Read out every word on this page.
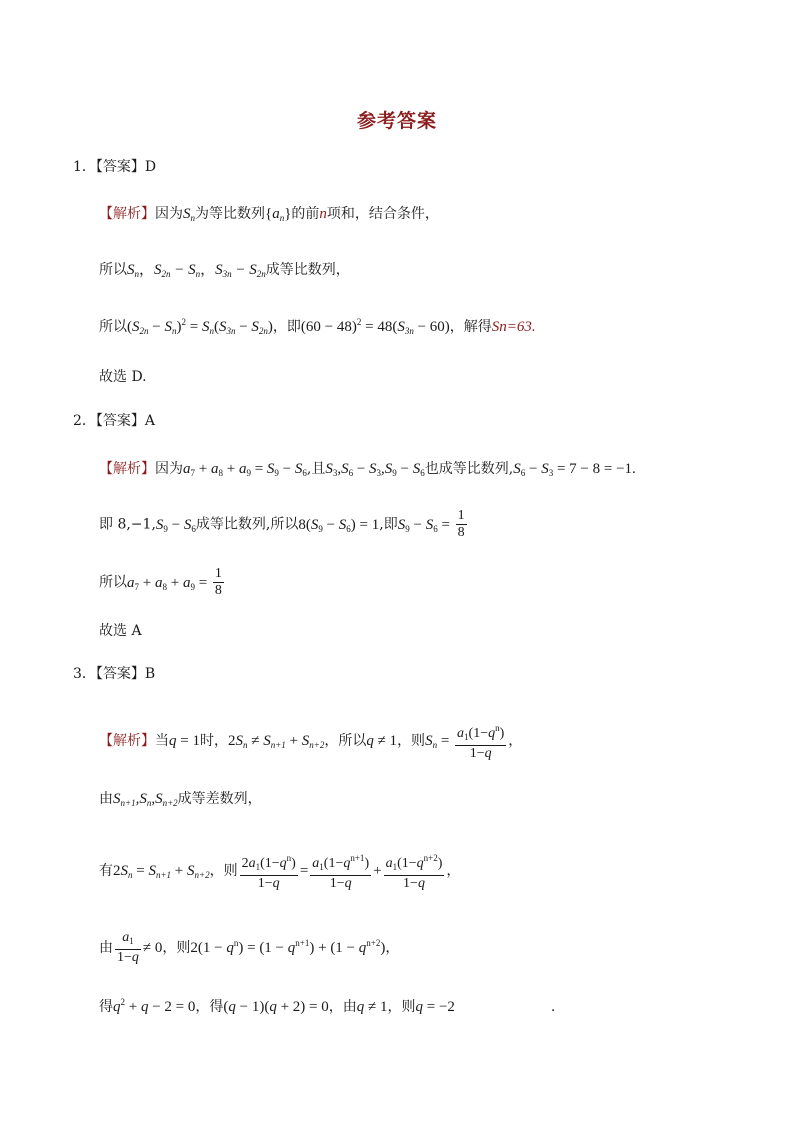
参考答案
1．【答案】D
【解析】因为$S_n$为等比数列$\{a_n\}$的前n项和，结合条件，
所以$S_n$，$S_{2n} - S_n$，$S_{3n} - S_{2n}$成等比数列，
所以$(S_{2n} - S_n)^2 = S_n(S_{3n} - S_{2n})$，即$(60 - 48)^2 = 48(S_{3n} - 60)$，解得Sn=63.
故选 D.
2．【答案】A
【解析】因为$a_7 + a_8 + a_9 = S_9 - S_6$,且$S_3,S_6 - S_3,S_9 - S_6$也成等比数列$,S_6 - S_3 = 7 - 8 = -1$.
即 $8,-1,S_9 - S_6$成等比数列,所以$8(S_9 - S_6) = 1$,即$S_9 - S_6 = \frac{1}{8}$
所以$a_7 + a_8 + a_9 = \frac{1}{8}$
故选 A
3．【答案】B
【解析】当q = 1时，$2S_n \ne S_{n+1} + S_{n+2}$，所以q ≠ 1，则$S_n = \frac{a_1(1-q^n)}{1-q}$ ，
由$S_{n+1},S_n,S_{n+2}$成等差数列，
有$2S_n = S_{n+1} + S_{n+2}$，则 $\frac{2a_1(1-q^n)}{1-q} = \frac{a_1(1-q^{n+1})}{1-q} + \frac{a_1(1-q^{n+2})}{1-q}$ ，
由 $\frac{a_1}{1-q} \ne 0$，则$2(1 - q^n) = (1 - q^{n+1}) + (1 - q^{n+2})$，
得$q^2 + q - 2 = 0$，得(q − 1)(q + 2) = 0，由q ≠ 1，则q = −2	.
